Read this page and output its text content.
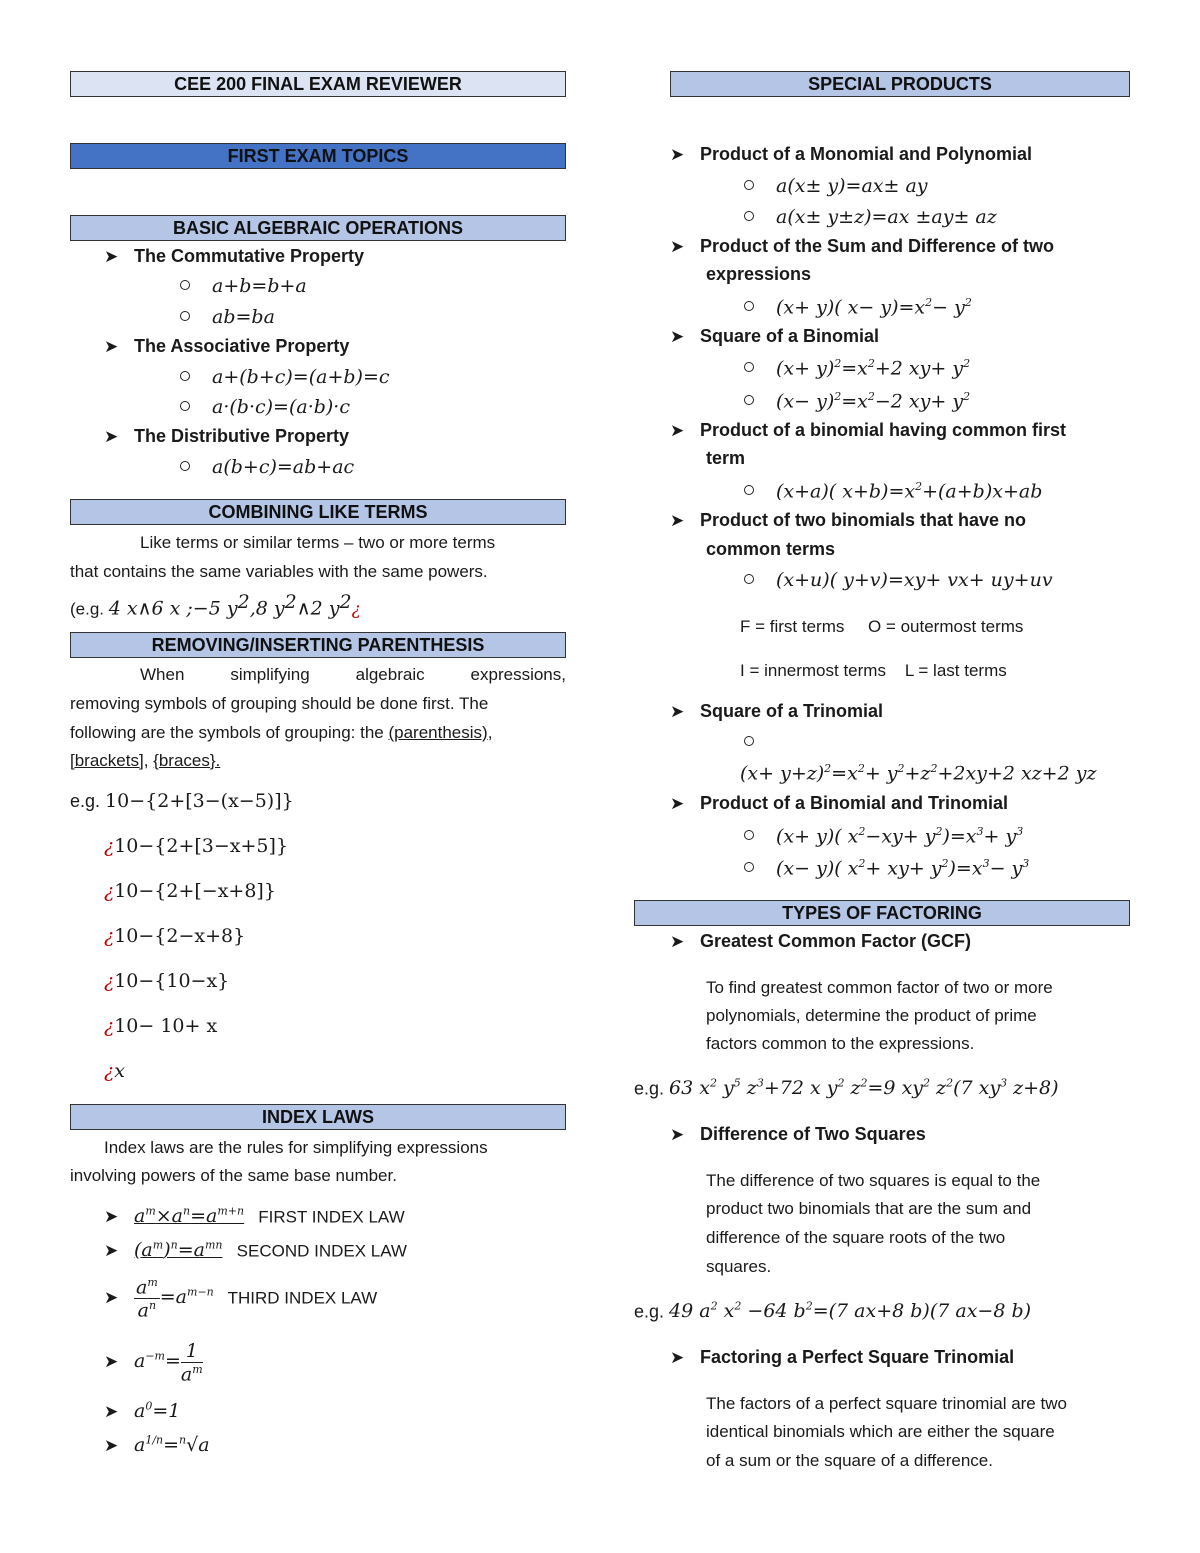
CEE 200 FINAL EXAM REVIEWER
FIRST EXAM TOPICS
BASIC ALGEBRAIC OPERATIONS
➤ The Commutative Property
a+b=b+a
ab=ba
➤ The Associative Property
a+(b+c)=(a+b)=c
a·(b·c)=(a·b)·c
➤ The Distributive Property
a(b+c)=ab+ac
COMBINING LIKE TERMS
Like terms or similar terms – two or more terms
that contains the same variables with the same powers.
(e.g. 4 x∧6 x ;−5 $y^2,8$ $y^2\wedge 2$ $y^2¿$
REMOVING/INSERTING PARENTHESIS
When	simplifying	algebraic	expressions,
removing symbols of grouping should be done first. The
following are the symbols of grouping: the (parenthesis),
[brackets], {braces}.
e.g. 10−{2+[3−(x−5)]}
¿10−{2+[3−x+5]}
¿10−{2+[−x+8]}
¿10−{2−x+8}
¿10−{10−x}
¿10− 10+ x
¿x
INDEX LAWS
Index laws are the rules for simplifying expressions
involving powers of the same base number.
➤ $a^m\times a^n=a^{m+n}$ FIRST INDEX LAW
➤ $(a^m)^n=a^{mn}$ SECOND INDEX LAW
➤ $\frac{a^m}{a^n} =a^{m-n}$ THIRD INDEX LAW
➤ $a^{-m}= \frac{1}{a^m}$
➤ $a^0=1$
➤ $a^{1/n}=^n√a$
SPECIAL PRODUCTS
➤ Product of a Monomial and Polynomial
a(x± y)=ax± ay
a(x± y±z)=ax ±ay± az
➤ Product of the Sum and Difference of two
expressions
(x+ y)( $x- y)=x^2- y^2$
➤ Square of a Binomial
$(x+ y)^2=x^2+2$ $xy+ y^2$
$(x- y)^2=x^2-2$ $xy+ y^2$
➤ Product of a binomial having common first
term
(x+a)( $x+b)=x^2+(a+b)x+ab$
➤ Product of two binomials that have no
common terms
(x+u)( y+v)=xy+ vx+ uy+uv
F = first terms     O = outermost terms
I = innermost terms    L = last terms
➤ Square of a Trinomial
$(x+ y+z)^2=x^2+ y^2+z^2+2xy+2$ xz+2 yz
➤ Product of a Binomial and Trinomial
(x+ y)( $x^2-xy+ y^2)=x^3+ y^3$
(x− y)( $x^2+ xy+ y^2)=x^3- y^3$
TYPES OF FACTORING
➤ Greatest Common Factor (GCF)
To find greatest common factor of two or more
polynomials, determine the product of prime
factors common to the expressions.
e.g. 63 $x^2$ $y^5$ $z^3+72$ x $y^2$ $z^2=9$ $xy^2$ $z^2(7$ $xy^3$ z+8)
➤ Difference of Two Squares
The difference of two squares is equal to the
product two binomials that are the sum and
difference of the square roots of the two
squares.
e.g. 49 $a^2$ $x^2 -64$ $b^2=(7$ ax+8 b)(7 ax−8 b)
➤ Factoring a Perfect Square Trinomial
The factors of a perfect square trinomial are two
identical binomials which are either the square
of a sum or the square of a difference.
